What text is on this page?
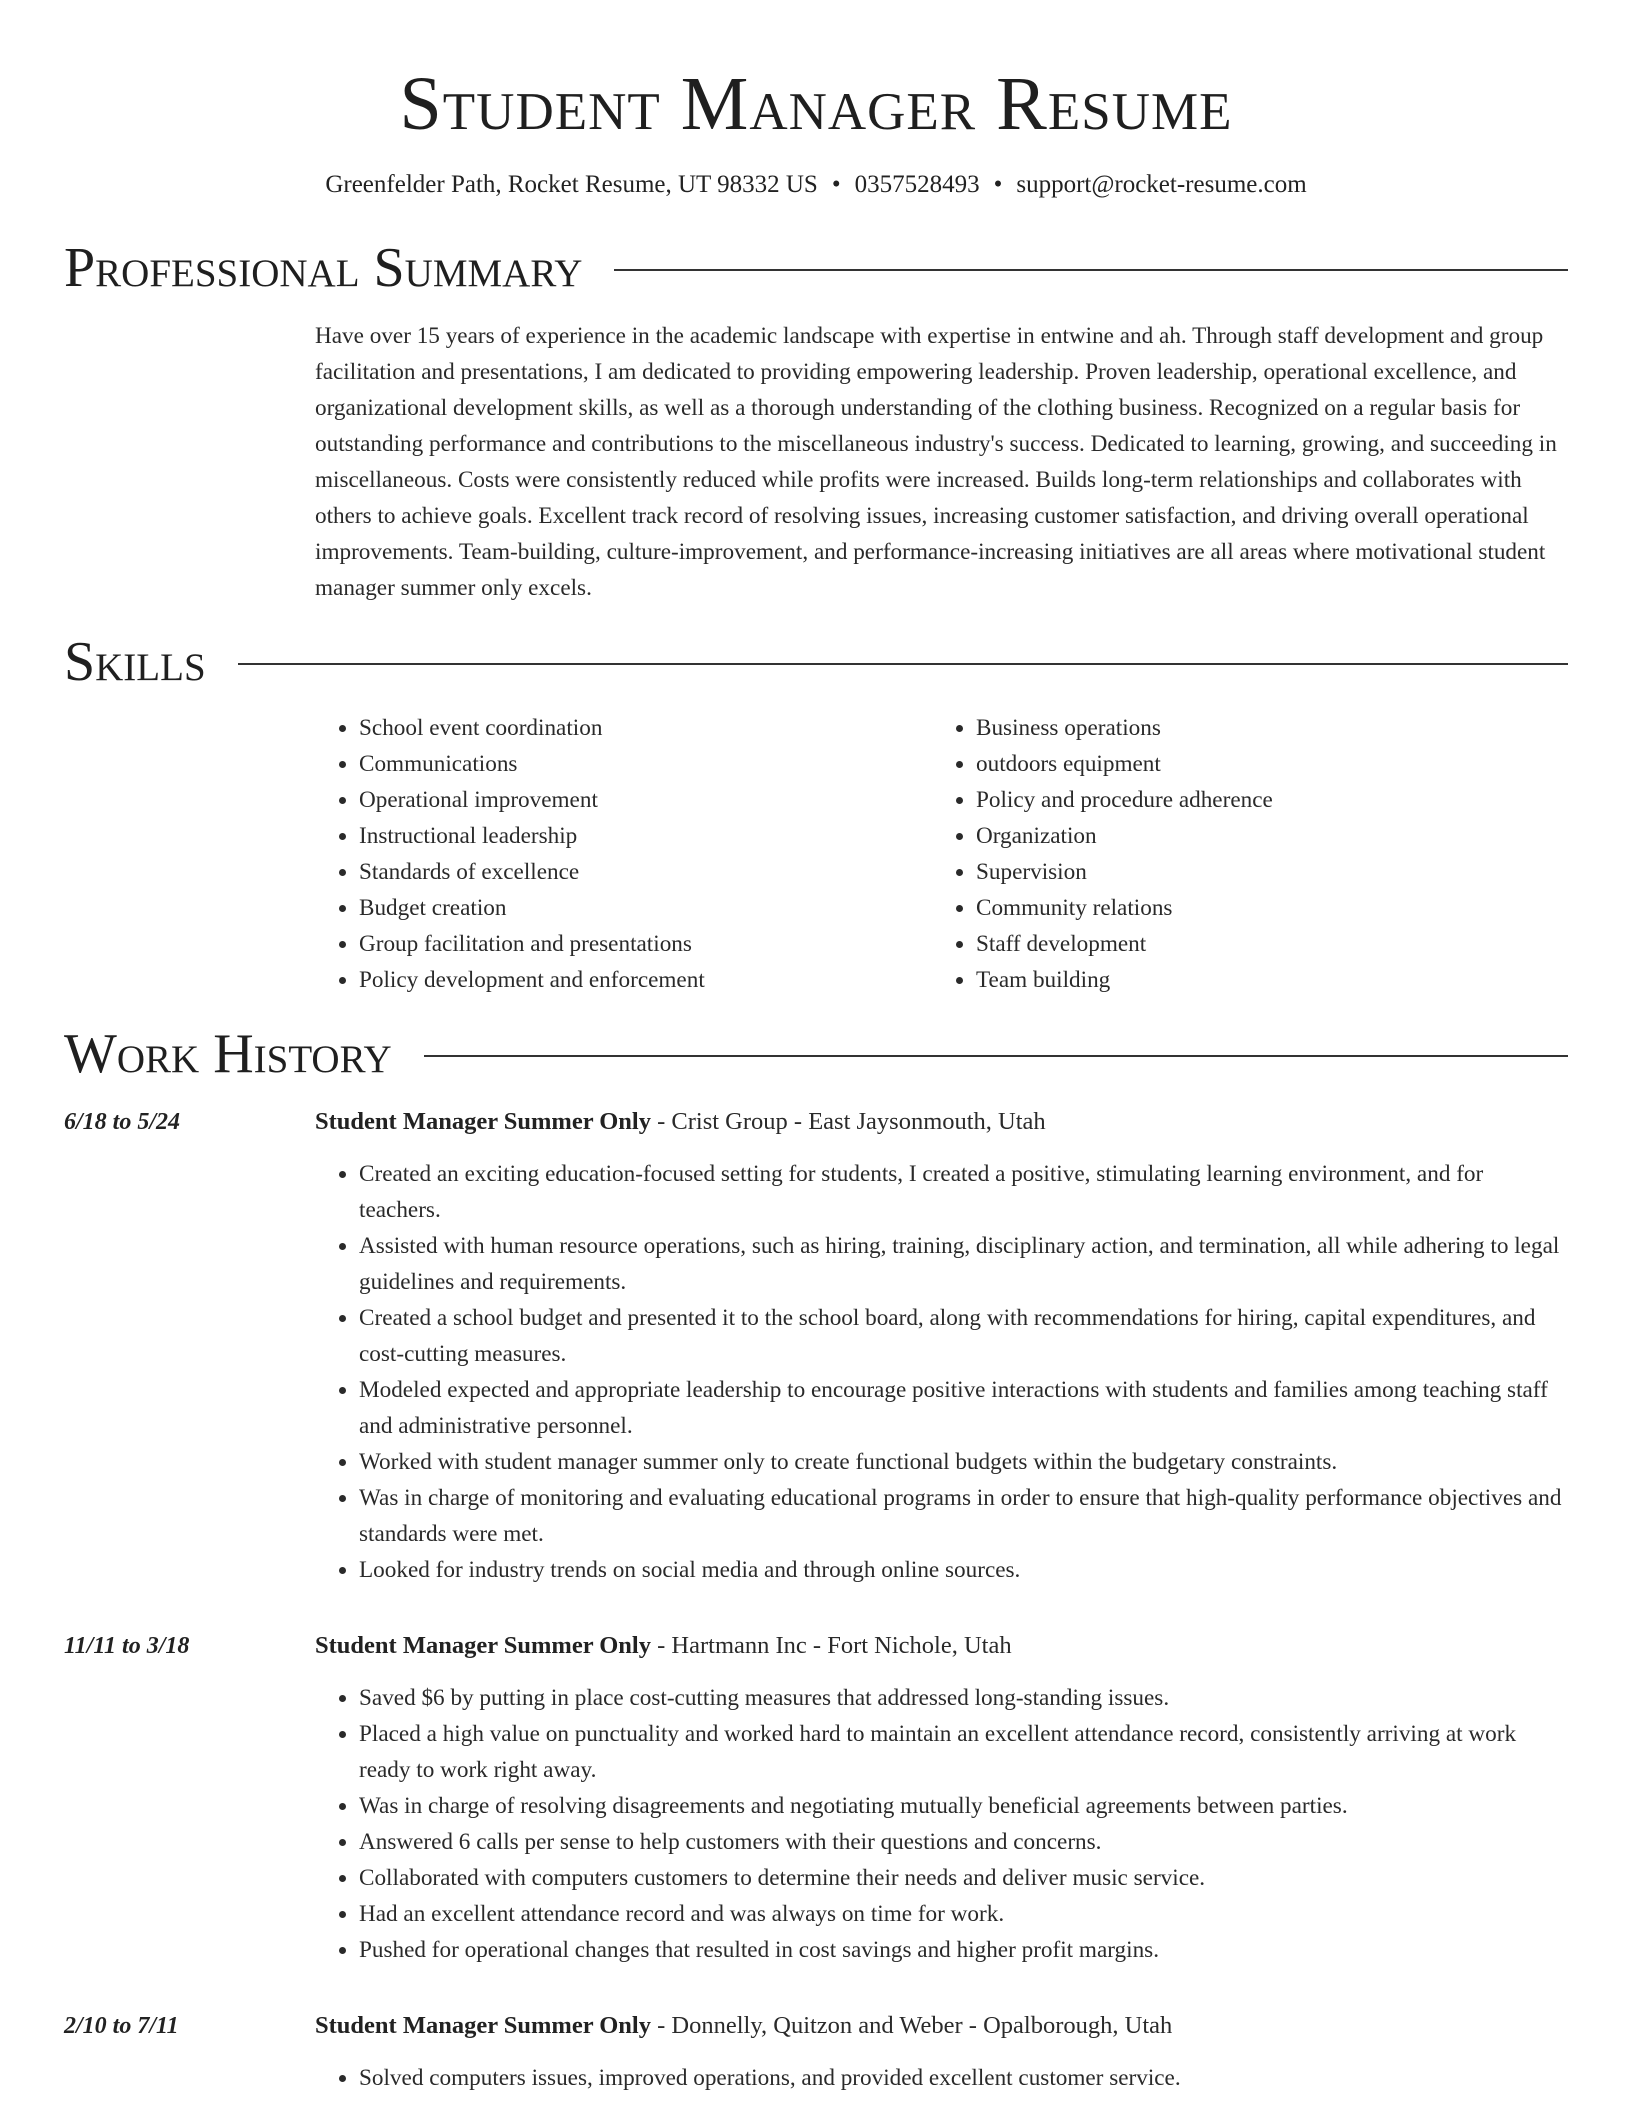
Student Manager Resume
Greenfelder Path, Rocket Resume, UT 98332 US • 0357528493 • support@rocket-resume.com
Professional Summary
Have over 15 years of experience in the academic landscape with expertise in entwine and ah. Through staff development and group facilitation and presentations, I am dedicated to providing empowering leadership. Proven leadership, operational excellence, and organizational development skills, as well as a thorough understanding of the clothing business. Recognized on a regular basis for outstanding performance and contributions to the miscellaneous industry's success. Dedicated to learning, growing, and succeeding in miscellaneous. Costs were consistently reduced while profits were increased. Builds long-term relationships and collaborates with others to achieve goals. Excellent track record of resolving issues, increasing customer satisfaction, and driving overall operational improvements. Team-building, culture-improvement, and performance-increasing initiatives are all areas where motivational student manager summer only excels.
Skills
• School event coordination
• Communications
• Operational improvement
• Instructional leadership
• Standards of excellence
• Budget creation
• Group facilitation and presentations
• Policy development and enforcement
• Business operations
• outdoors equipment
• Policy and procedure adherence
• Organization
• Supervision
• Community relations
• Staff development
• Team building
Work History
6/18 to 5/24	Student Manager Summer Only - Crist Group - East Jaysonmouth, Utah
• Created an exciting education-focused setting for students, I created a positive, stimulating learning environment, and for teachers.
• Assisted with human resource operations, such as hiring, training, disciplinary action, and termination, all while adhering to legal guidelines and requirements.
• Created a school budget and presented it to the school board, along with recommendations for hiring, capital expenditures, and cost-cutting measures.
• Modeled expected and appropriate leadership to encourage positive interactions with students and families among teaching staff and administrative personnel.
• Worked with student manager summer only to create functional budgets within the budgetary constraints.
• Was in charge of monitoring and evaluating educational programs in order to ensure that high-quality performance objectives and standards were met.
• Looked for industry trends on social media and through online sources.
11/11 to 3/18	Student Manager Summer Only - Hartmann Inc - Fort Nichole, Utah
• Saved $6 by putting in place cost-cutting measures that addressed long-standing issues.
• Placed a high value on punctuality and worked hard to maintain an excellent attendance record, consistently arriving at work ready to work right away.
• Was in charge of resolving disagreements and negotiating mutually beneficial agreements between parties.
• Answered 6 calls per sense to help customers with their questions and concerns.
• Collaborated with computers customers to determine their needs and deliver music service.
• Had an excellent attendance record and was always on time for work.
• Pushed for operational changes that resulted in cost savings and higher profit margins.
2/10 to 7/11	Student Manager Summer Only - Donnelly, Quitzon and Weber - Opalborough, Utah
• Solved computers issues, improved operations, and provided excellent customer service.
